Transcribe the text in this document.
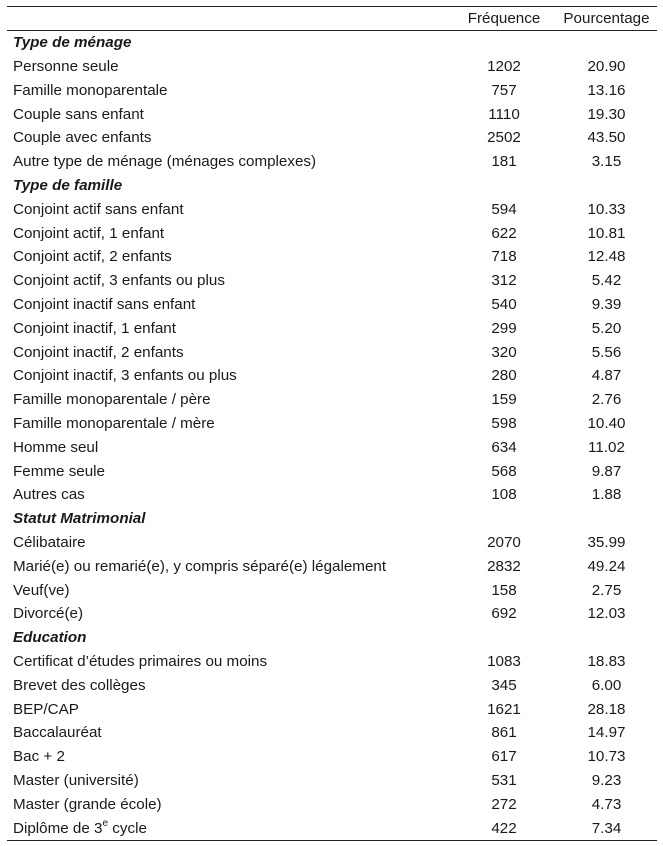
Fréquence	Pourcentage
Type de ménage
Personne seule	1202	20.90
Famille monoparentale	757	13.16
Couple sans enfant	1110	19.30
Couple avec enfants	2502	43.50
Autre type de ménage (ménages complexes)	181	3.15
Type de famille
Conjoint actif sans enfant	594	10.33
Conjoint actif, 1 enfant	622	10.81
Conjoint actif, 2 enfants	718	12.48
Conjoint actif, 3 enfants ou plus	312	5.42
Conjoint inactif sans enfant	540	9.39
Conjoint inactif, 1 enfant	299	5.20
Conjoint inactif, 2 enfants	320	5.56
Conjoint inactif, 3 enfants ou plus	280	4.87
Famille monoparentale / père	159	2.76
Famille monoparentale / mère	598	10.40
Homme seul	634	11.02
Femme seule	568	9.87
Autres cas	108	1.88
Statut Matrimonial
Célibataire	2070	35.99
Marié(e) ou remarié(e), y compris séparé(e) légalement	2832	49.24
Veuf(ve)	158	2.75
Divorcé(e)	692	12.03
Education
Certificat d’études primaires ou moins	1083	18.83
Brevet des collèges	345	6.00
BEP/CAP	1621	28.18
Baccalauréat	861	14.97
Bac + 2	617	10.73
Master (université)	531	9.23
Master (grande école)	272	4.73
Diplôme de 3e cycle	422	7.34
